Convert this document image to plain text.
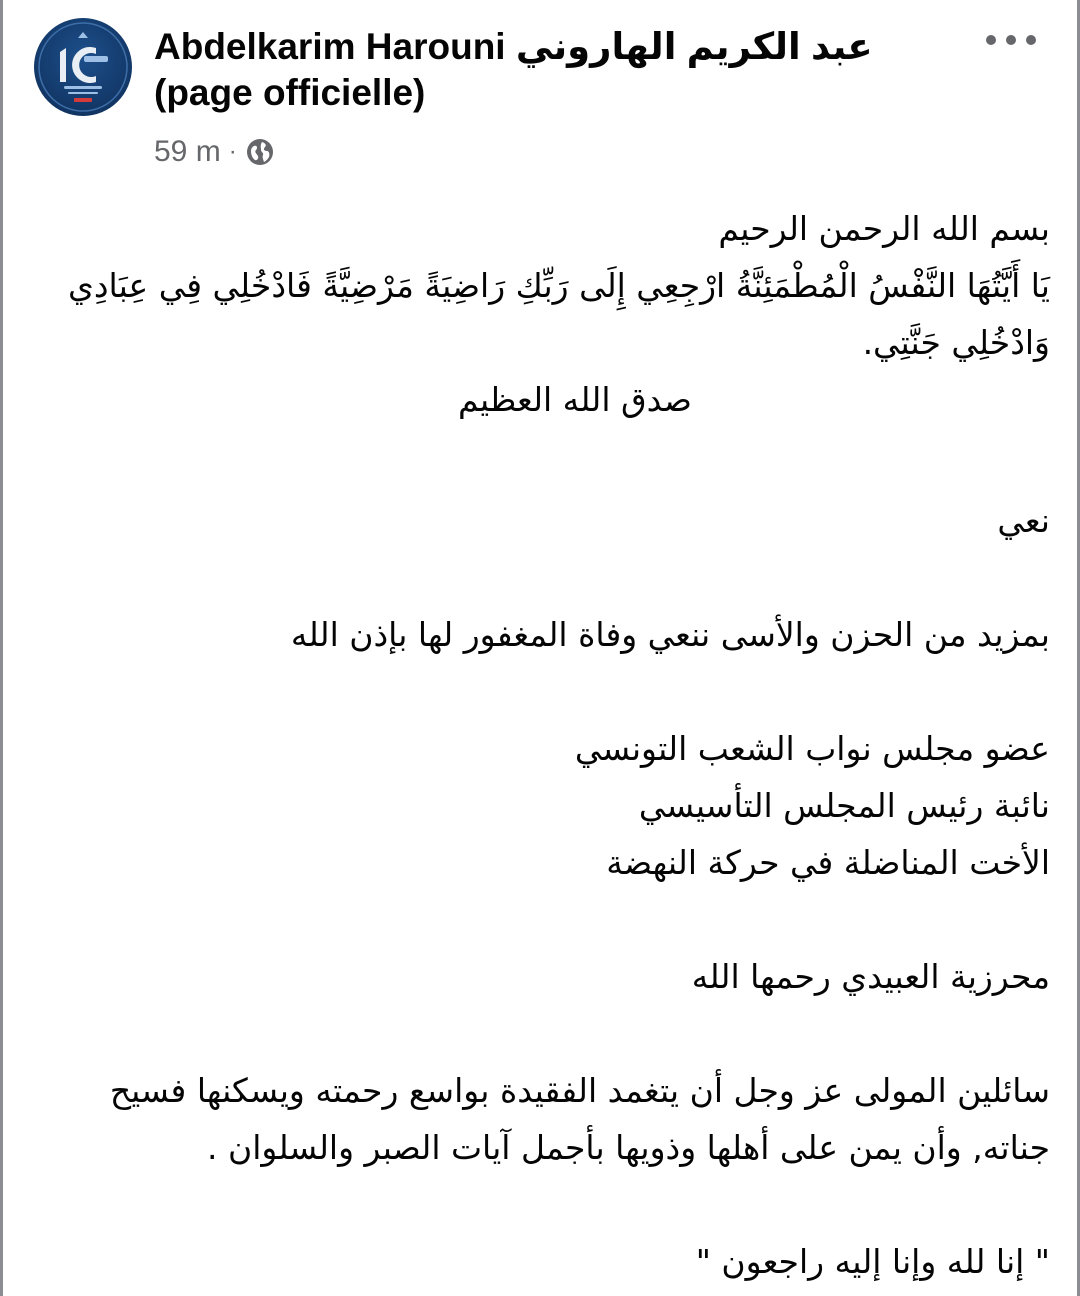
Abdelkarim Harouni عبد الكريم الهاروني (page officielle)
59 m ·

بسم الله الرحمن الرحيم

يَا أَيَّتُهَا النَّفْسُ الْمُطْمَئِنَّةُ ارْجِعِي إِلَى رَبِّكِ رَاضِيَةً مَرْضِيَّةً فَادْخُلِي فِي عِبَادِي وَادْخُلِي جَنَّتِي.

صدق الله العظيم

نعي

بمزيد من الحزن والأسى ننعي وفاة المغفور لها بإذن الله

عضو مجلس نواب الشعب التونسي

نائبة رئيس المجلس التأسيسي

الأخت المناضلة في حركة النهضة

محرزية العبيدي رحمها الله

سائلين المولى عز وجل أن يتغمد الفقيدة بواسع رحمته ويسكنها فسيح جناته, وأن يمن على أهلها وذويها بأجمل آيات الصبر والسلوان .

" إنا لله وإنا إليه راجعون "
